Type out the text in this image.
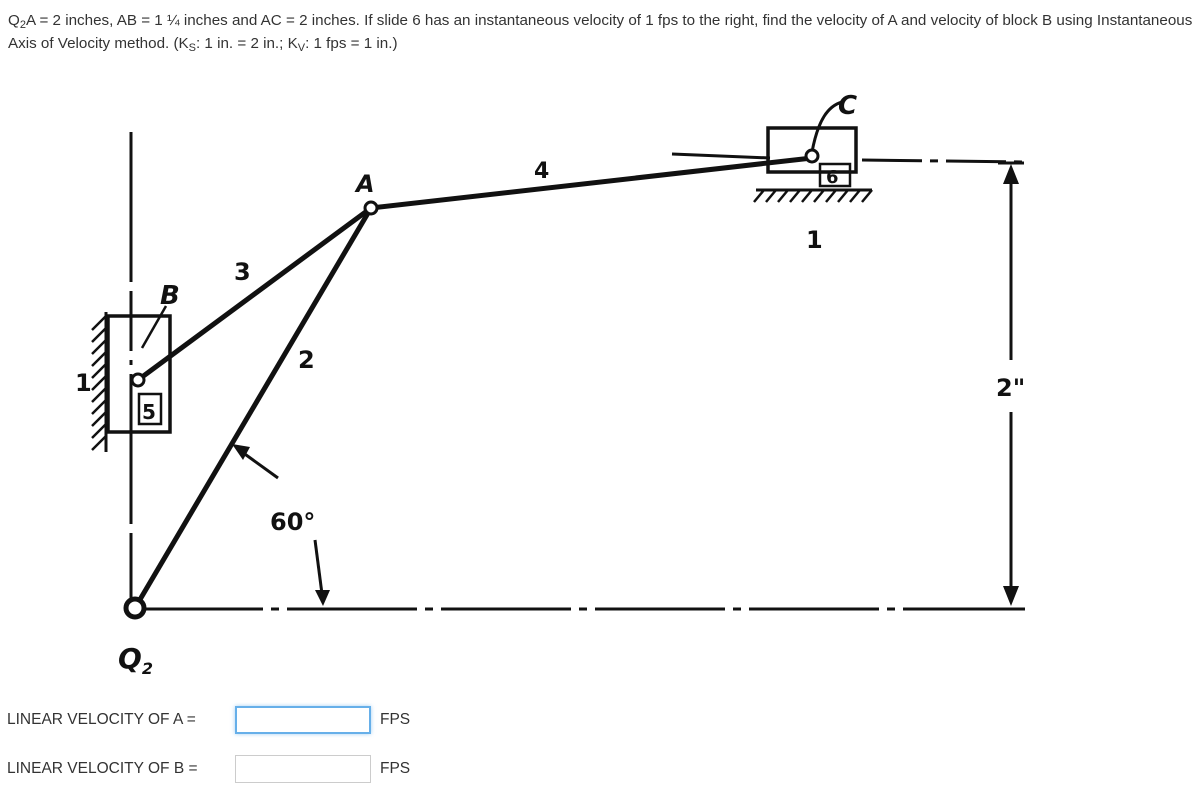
$Q_2A = 2$ inches, AB = 1 ¼ inches and AC = 2 inches. If slide 6 has an instantaneous velocity of 1 fps to the right, find the velocity of A and velocity of block B using Instantaneous Axis of Velocity method. ($K_S$: 1 in. = 2 in.; $K_V$: 1 fps = 1 in.)
A
B
C
1
1
2
3
4
5
6
60°
$Q_2$
2"
LINEAR VELOCITY OF A =	FPS
LINEAR VELOCITY OF B =	FPS
